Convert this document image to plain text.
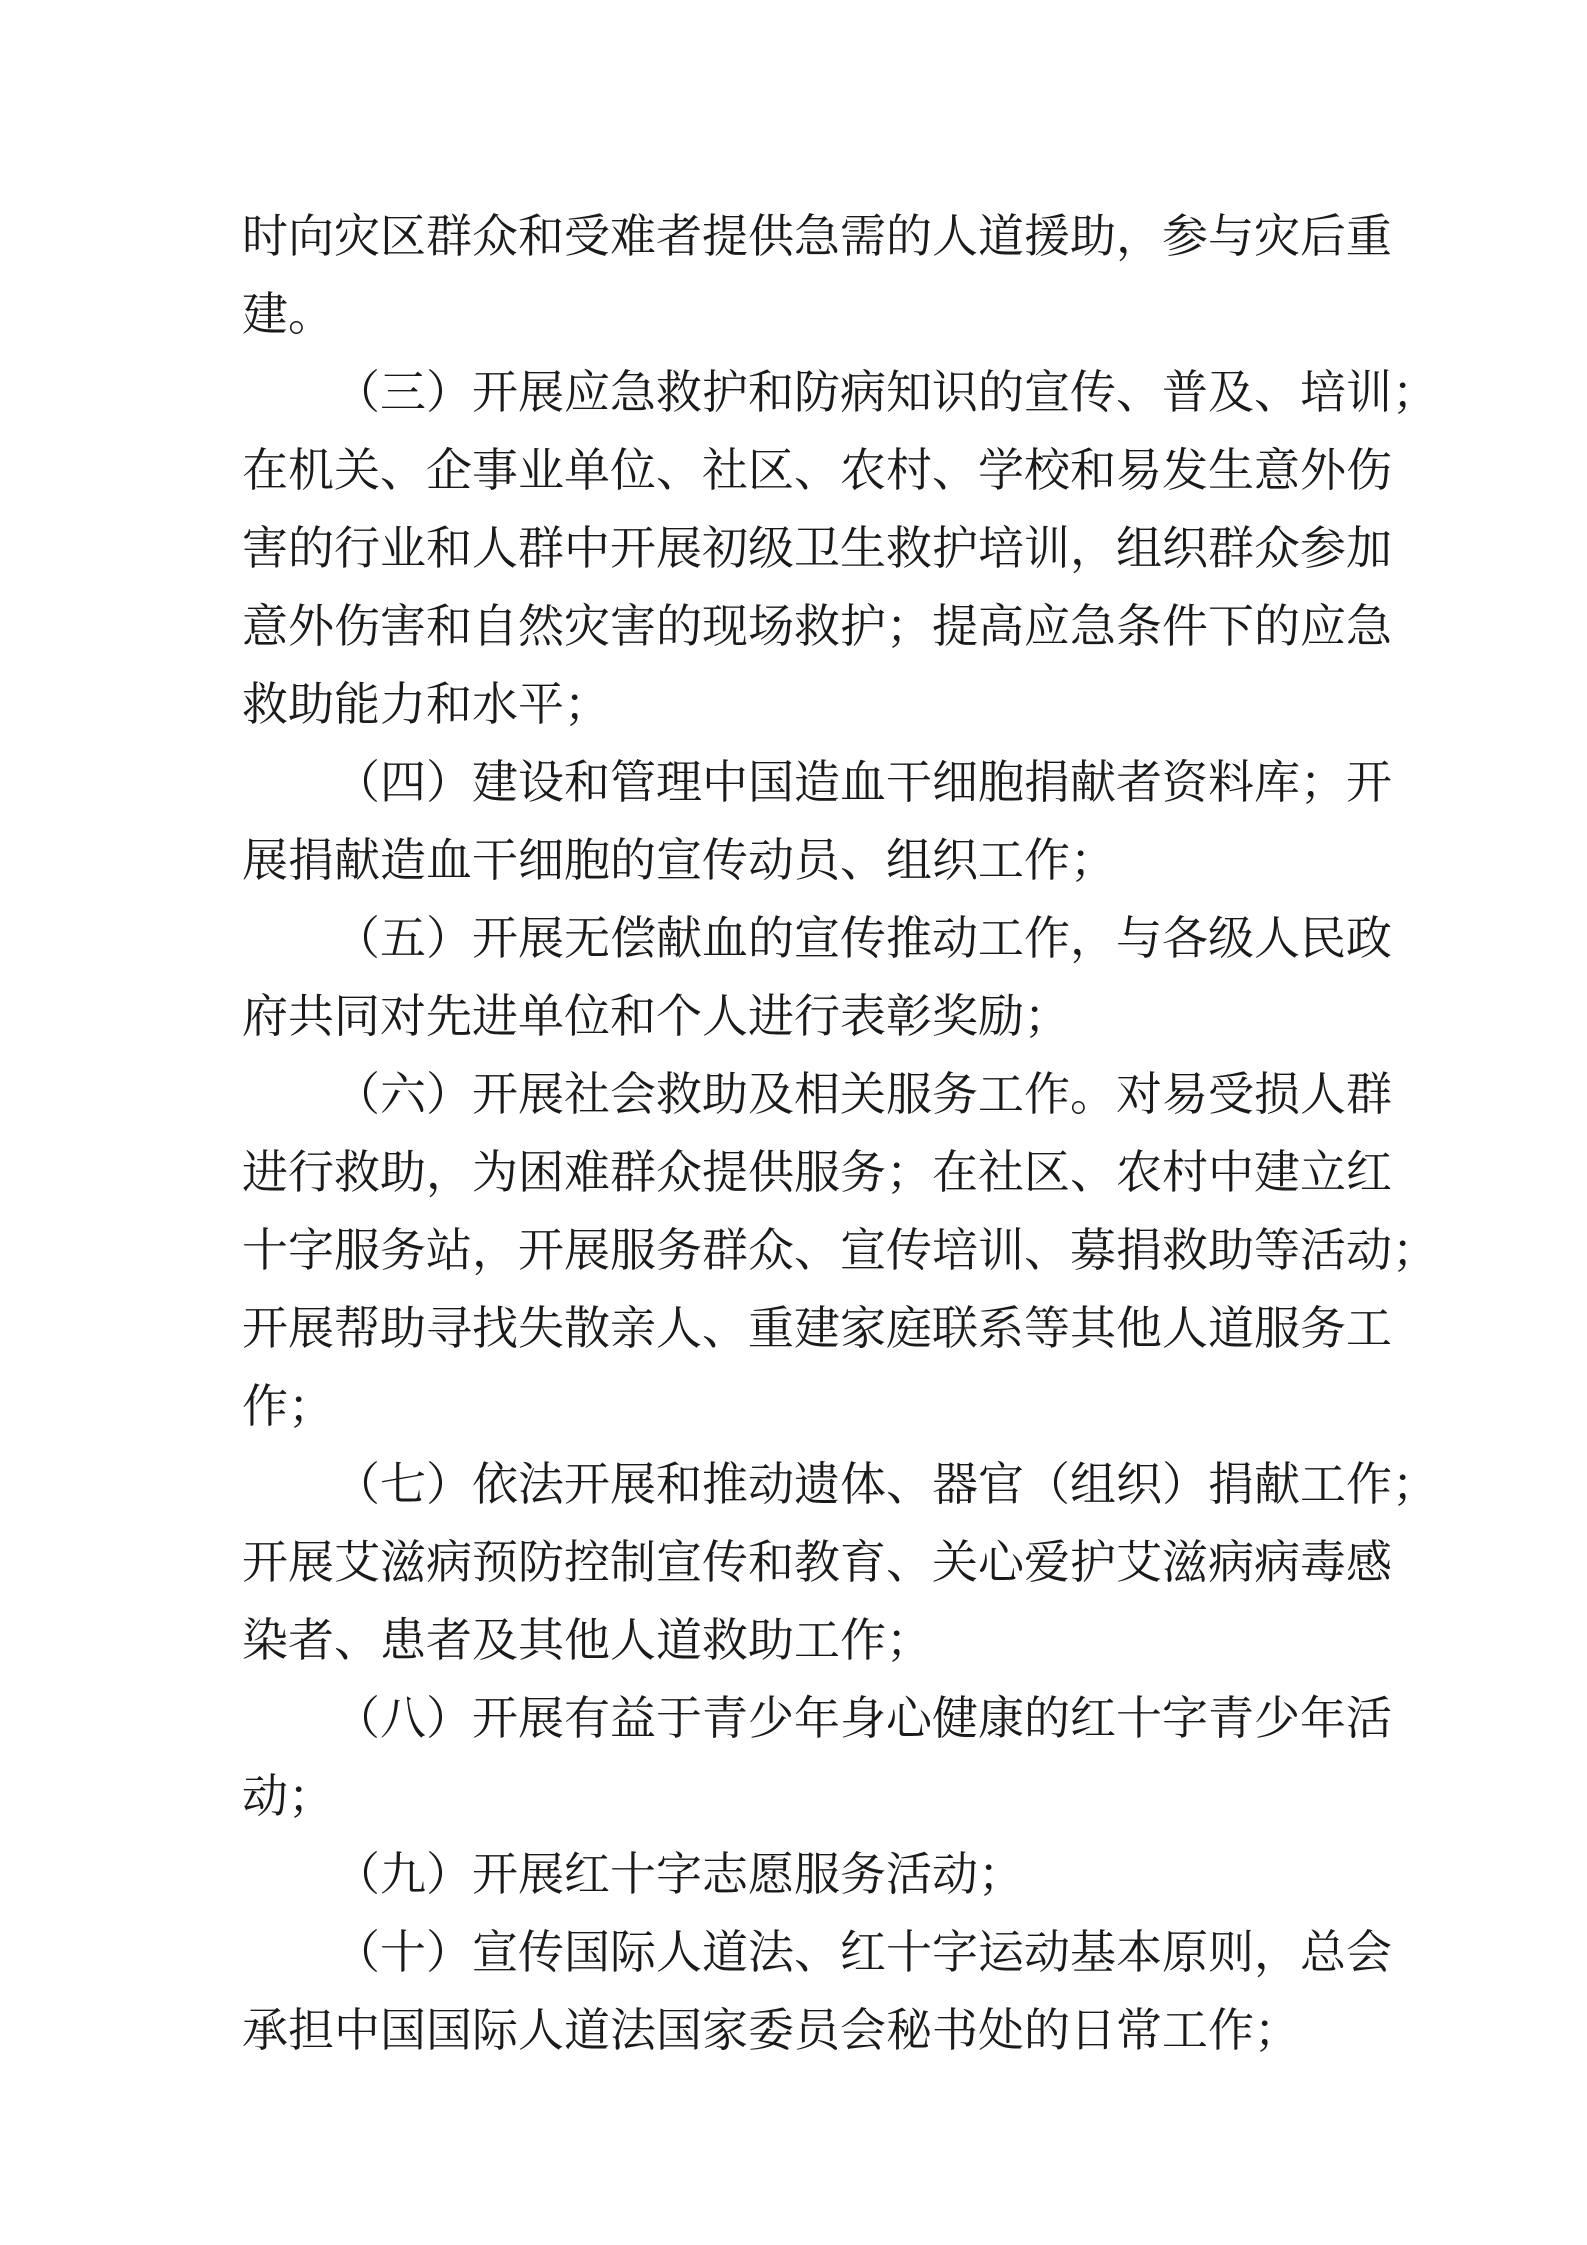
时向灾区群众和受难者提供急需的人道援助，参与灾后重
建。
（三）开展应急救护和防病知识的宣传、普及、培训；
在机关、企事业单位、社区、农村、学校和易发生意外伤
害的行业和人群中开展初级卫生救护培训，组织群众参加
意外伤害和自然灾害的现场救护；提高应急条件下的应急
救助能力和水平；
（四）建设和管理中国造血干细胞捐献者资料库；开
展捐献造血干细胞的宣传动员、组织工作；
（五）开展无偿献血的宣传推动工作，与各级人民政
府共同对先进单位和个人进行表彰奖励；
（六）开展社会救助及相关服务工作。对易受损人群
进行救助，为困难群众提供服务；在社区、农村中建立红
十字服务站，开展服务群众、宣传培训、募捐救助等活动；
开展帮助寻找失散亲人、重建家庭联系等其他人道服务工
作；
（七）依法开展和推动遗体、器官（组织）捐献工作；
开展艾滋病预防控制宣传和教育、关心爱护艾滋病病毒感
染者、患者及其他人道救助工作；
（八）开展有益于青少年身心健康的红十字青少年活
动；
（九）开展红十字志愿服务活动；
（十）宣传国际人道法、红十字运动基本原则，总会
承担中国国际人道法国家委员会秘书处的日常工作；
